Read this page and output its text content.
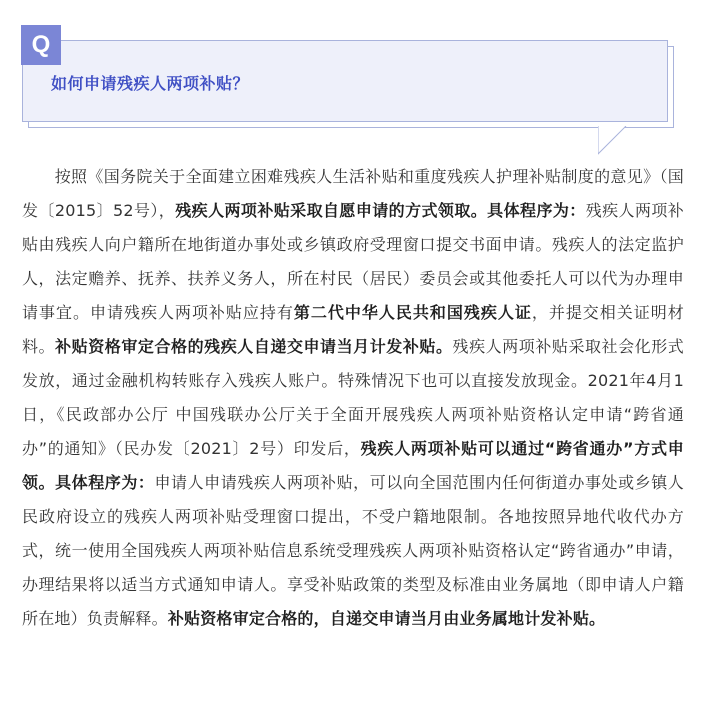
Q
如何申请残疾人两项补贴？
　　按照《国务院关于全面建立困难残疾人生活补贴和重度残疾人护理补贴制度的意见》（国发〔2015〕52号），残疾人两项补贴采取自愿申请的方式领取。具体程序为：残疾人两项补贴由残疾人向户籍所在地街道办事处或乡镇政府受理窗口提交书面申请。残疾人的法定监护人，法定赡养、抚养、扶养义务人，所在村民（居民）委员会或其他委托人可以代为办理申请事宜。申请残疾人两项补贴应持有第二代中华人民共和国残疾人证，并提交相关证明材料。补贴资格审定合格的残疾人自递交申请当月计发补贴。残疾人两项补贴采取社会化形式发放，通过金融机构转账存入残疾人账户。特殊情况下也可以直接发放现金。2021年4月1日，《民政部办公厅 中国残联办公厅关于全面开展残疾人两项补贴资格认定申请“跨省通办”的通知》（民办发〔2021〕2号）印发后，残疾人两项补贴可以通过“跨省通办”方式申领。具体程序为：申请人申请残疾人两项补贴，可以向全国范围内任何街道办事处或乡镇人民政府设立的残疾人两项补贴受理窗口提出，不受户籍地限制。各地按照异地代收代办方式，统一使用全国残疾人两项补贴信息系统受理残疾人两项补贴资格认定“跨省通办”申请，办理结果将以适当方式通知申请人。享受补贴政策的类型及标准由业务属地（即申请人户籍所在地）负责解释。补贴资格审定合格的，自递交申请当月由业务属地计发补贴。
